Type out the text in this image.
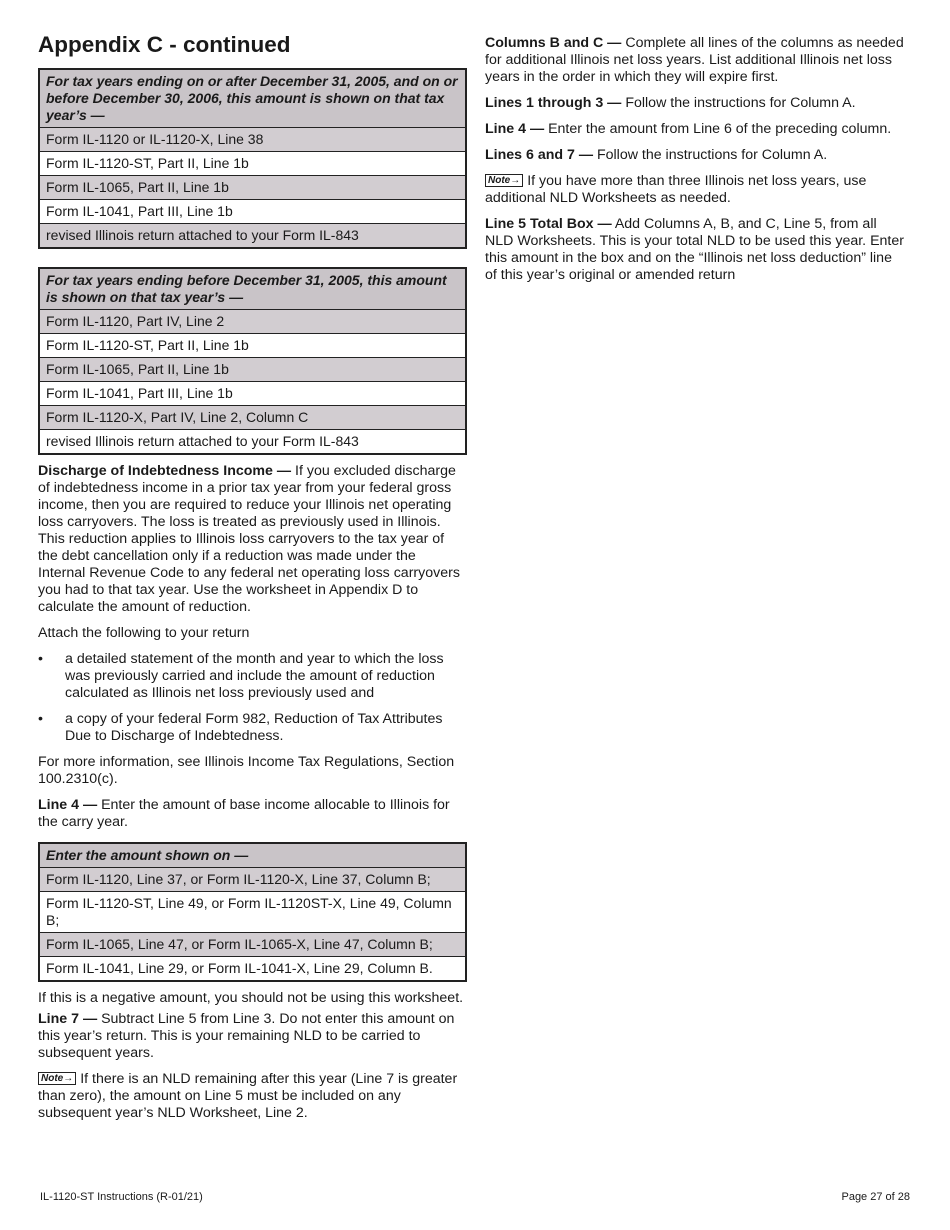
Appendix C - continued
For tax years ending on or after December 31, 2005, and on or before December 30, 2006, this amount is shown on that tax year’s —
Form IL-1120 or IL-1120-X, Line 38
Form IL-1120-ST, Part II, Line 1b
Form IL-1065, Part II, Line 1b
Form IL-1041, Part III, Line 1b
revised Illinois return attached to your Form IL-843
For tax years ending before December 31, 2005, this amount is shown on that tax year’s —
Form IL-1120, Part IV, Line 2
Form IL-1120-ST, Part II, Line 1b
Form IL-1065, Part II, Line 1b
Form IL-1041, Part III, Line 1b
Form IL-1120-X, Part IV, Line 2, Column C
revised Illinois return attached to your Form IL-843

Discharge of Indebtedness Income — If you excluded discharge of indebtedness income in a prior tax year from your federal gross income, then you are required to reduce your Illinois net operating loss carryovers. The loss is treated as previously used in Illinois. This reduction applies to Illinois loss carryovers to the tax year of the debt cancellation only if a reduction was made under the Internal Revenue Code to any federal net operating loss carryovers you had to that tax year. Use the worksheet in Appendix D to calculate the amount of reduction.

Attach the following to your return

• a detailed statement of the month and year to which the loss was previously carried and include the amount of reduction calculated as Illinois net loss previously used and
• a copy of your federal Form 982, Reduction of Tax Attributes Due to Discharge of Indebtedness.

For more information, see Illinois Income Tax Regulations, Section 100.2310(c).

Line 4 — Enter the amount of base income allocable to Illinois for the carry year.

Enter the amount shown on —
Form IL-1120, Line 37, or Form IL-1120-X, Line 37, Column B;
Form IL-1120-ST, Line 49, or Form IL-1120ST-X, Line 49, Column B;
Form IL-1065, Line 47, or Form IL-1065-X, Line 47, Column B;
Form IL-1041, Line 29, or Form IL-1041-X, Line 29, Column B.

If this is a negative amount, you should not be using this worksheet.

Line 7 — Subtract Line 5 from Line 3. Do not enter this amount on this year’s return. This is your remaining NLD to be carried to subsequent years.

Note→ If there is an NLD remaining after this year (Line 7 is greater than zero), the amount on Line 5 must be included on any subsequent year’s NLD Worksheet, Line 2.

Columns B and C — Complete all lines of the columns as needed for additional Illinois net loss years. List additional Illinois net loss years in the order in which they will expire first.

Lines 1 through 3 — Follow the instructions for Column A.

Line 4 — Enter the amount from Line 6 of the preceding column.

Lines 6 and 7 — Follow the instructions for Column A.

Note→ If you have more than three Illinois net loss years, use additional NLD Worksheets as needed.

Line 5 Total Box — Add Columns A, B, and C, Line 5, from all NLD Worksheets. This is your total NLD to be used this year. Enter this amount in the box and on the “Illinois net loss deduction” line of this year’s original or amended return

IL-1120-ST Instructions (R-01/21)	Page 27 of 28
